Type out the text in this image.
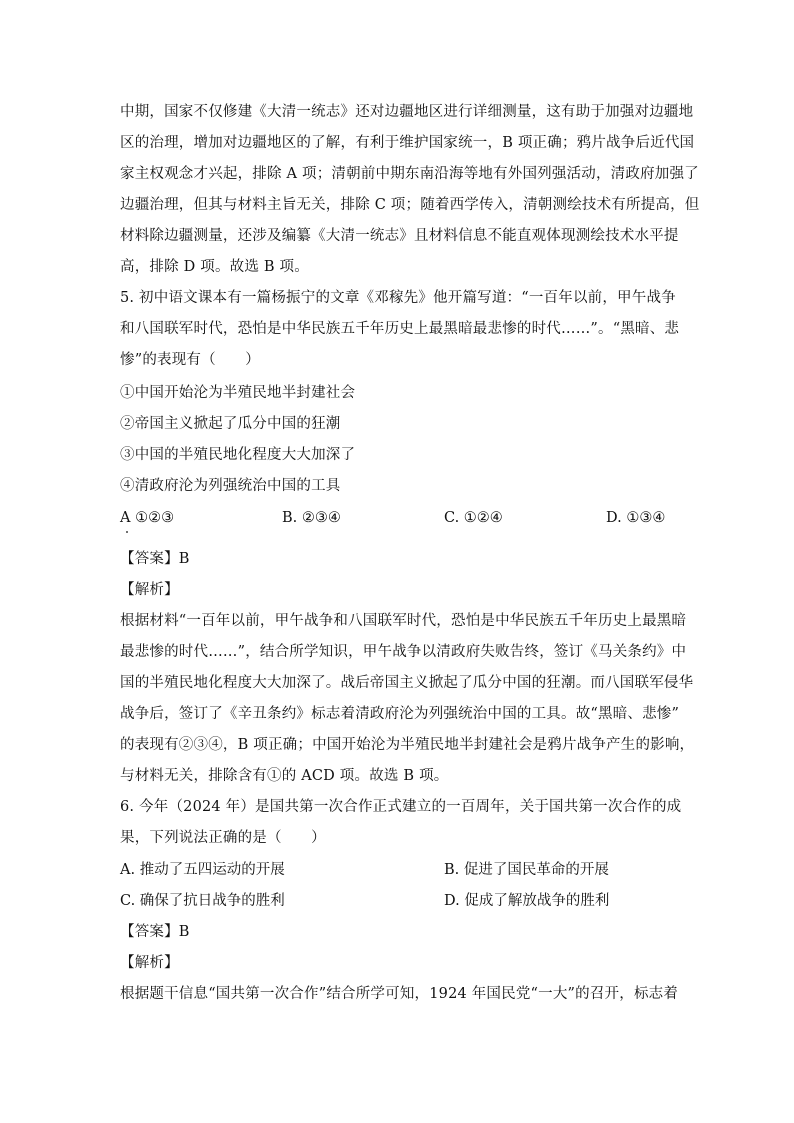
中期，国家不仅修建《大清一统志》还对边疆地区进行详细测量，这有助于加强对边疆地
区的治理，增加对边疆地区的了解，有利于维护国家统一，B 项正确；鸦片战争后近代国
家主权观念才兴起，排除 A 项；清朝前中期东南沿海等地有外国列强活动，清政府加强了
边疆治理，但其与材料主旨无关，排除 C 项；随着西学传入，清朝测绘技术有所提高，但
材料除边疆测量，还涉及编纂《大清一统志》且材料信息不能直观体现测绘技术水平提
高，排除 D 项。故选 B 项。
5. 初中语文课本有一篇杨振宁的文章《邓稼先》他开篇写道：“一百年以前，甲午战争
和八国联军时代，恐怕是中华民族五千年历史上最黑暗最悲惨的时代……”。“黑暗、悲
惨”的表现有（　　）
①中国开始沦为半殖民地半封建社会
②帝国主义掀起了瓜分中国的狂潮
③中国的半殖民地化程度大大加深了
④清政府沦为列强统治中国的工具
A ①②③	B. ②③④	C. ①②④	D. ①③④
【答案】B
【解析】
根据材料“一百年以前，甲午战争和八国联军时代，恐怕是中华民族五千年历史上最黑暗
最悲惨的时代……”，结合所学知识，甲午战争以清政府失败告终，签订《马关条约》中
国的半殖民地化程度大大加深了。战后帝国主义掀起了瓜分中国的狂潮。而八国联军侵华
战争后，签订了《辛丑条约》标志着清政府沦为列强统治中国的工具。故“黑暗、悲惨”
的表现有②③④，B 项正确；中国开始沦为半殖民地半封建社会是鸦片战争产生的影响，
与材料无关，排除含有①的 ACD 项。故选 B 项。
6. 今年（2024 年）是国共第一次合作正式建立的一百周年，关于国共第一次合作的成
果，下列说法正确的是（　　）
A. 推动了五四运动的开展	B. 促进了国民革命的开展
C. 确保了抗日战争的胜利	D. 促成了解放战争的胜利
【答案】B
【解析】
根据题干信息“国共第一次合作”结合所学可知，1924 年国民党“一大”的召开，标志着
